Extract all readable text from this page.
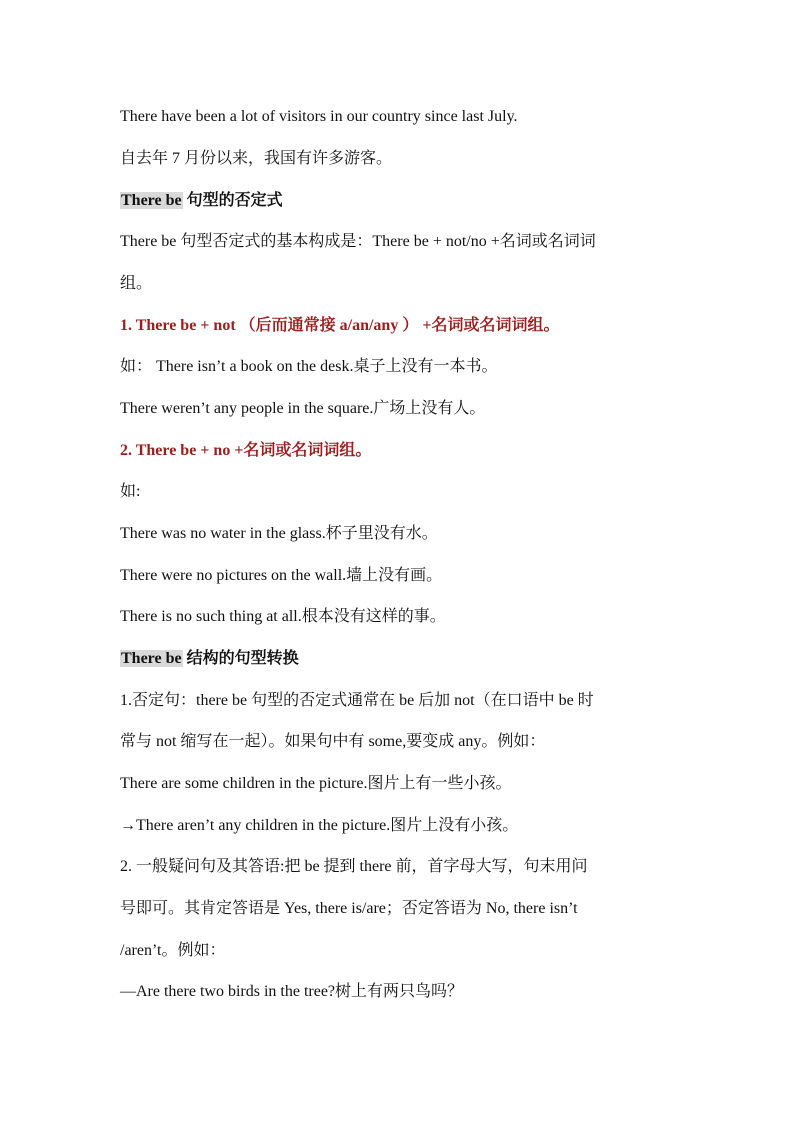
There have been a lot of visitors in our country since last July.
自去年 7 月份以来，我国有许多游客。
There be 句型的否定式
There be 句型否定式的基本构成是：There be + not/no +名词或名词词
组。
1. There be + not （后而通常接 a/an/any ） +名词或名词词组。
如： There isn’t a book on the desk.桌子上没有一本书。
There weren’t any people in the square.广场上没有人。
2. There be + no +名词或名词词组。
如:
There was no water in the glass.杯子里没有水。
There were no pictures on the wall.墙上没有画。
There is no such thing at all.根本没有这样的事。
There be 结构的句型转换
1.否定句：there be 句型的否定式通常在 be 后加 not（在口语中 be 时
常与 not 缩写在一起）。如果句中有 some,要变成 any。例如：
There are some children in the picture.图片上有一些小孩。
→There aren’t any children in the picture.图片上没有小孩。
2. 一般疑问句及其答语:把 be 提到 there 前，首字母大写，句末用问
号即可。其肯定答语是 Yes, there is/are；否定答语为 No, there isn’t
/aren’t。例如：
—Are there two birds in the tree?树上有两只鸟吗？
